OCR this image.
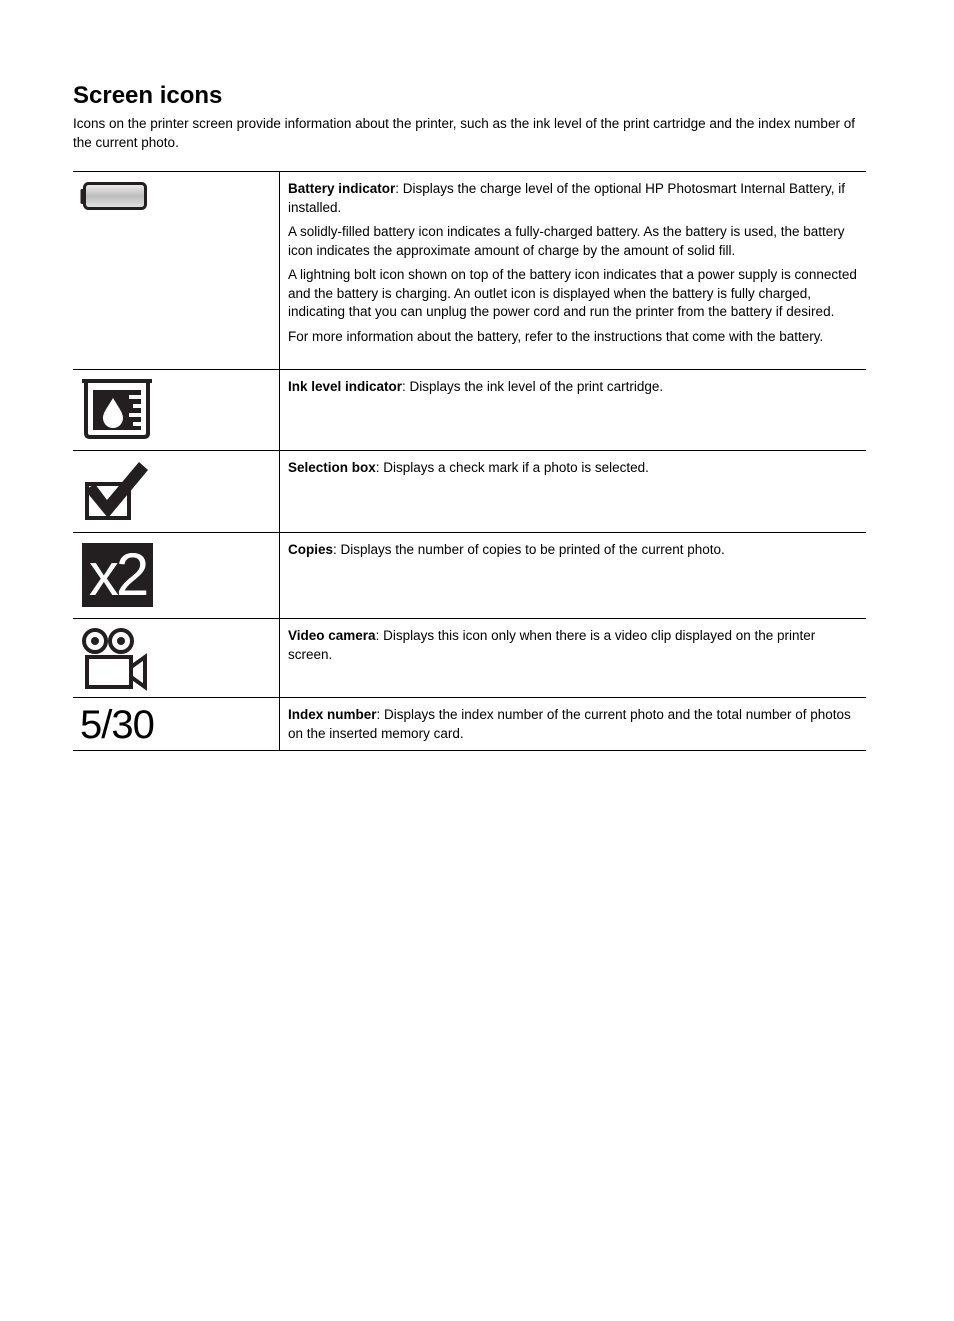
Screen icons

Icons on the printer screen provide information about the printer, such as the ink level of the print cartridge and the index number of the current photo.

Battery indicator: Displays the charge level of the optional HP Photosmart Internal Battery, if installed.

A solidly-filled battery icon indicates a fully-charged battery. As the battery is used, the battery icon indicates the approximate amount of charge by the amount of solid fill.

A lightning bolt icon shown on top of the battery icon indicates that a power supply is connected and the battery is charging. An outlet icon is displayed when the battery is fully charged, indicating that you can unplug the power cord and run the printer from the battery if desired.

For more information about the battery, refer to the instructions that come with the battery.

Ink level indicator: Displays the ink level of the print cartridge.

Selection box: Displays a check mark if a photo is selected.

x2	Copies: Displays the number of copies to be printed of the current photo.

Video camera: Displays this icon only when there is a video clip displayed on the printer screen.

5/30	Index number: Displays the index number of the current photo and the total number of photos on the inserted memory card.
